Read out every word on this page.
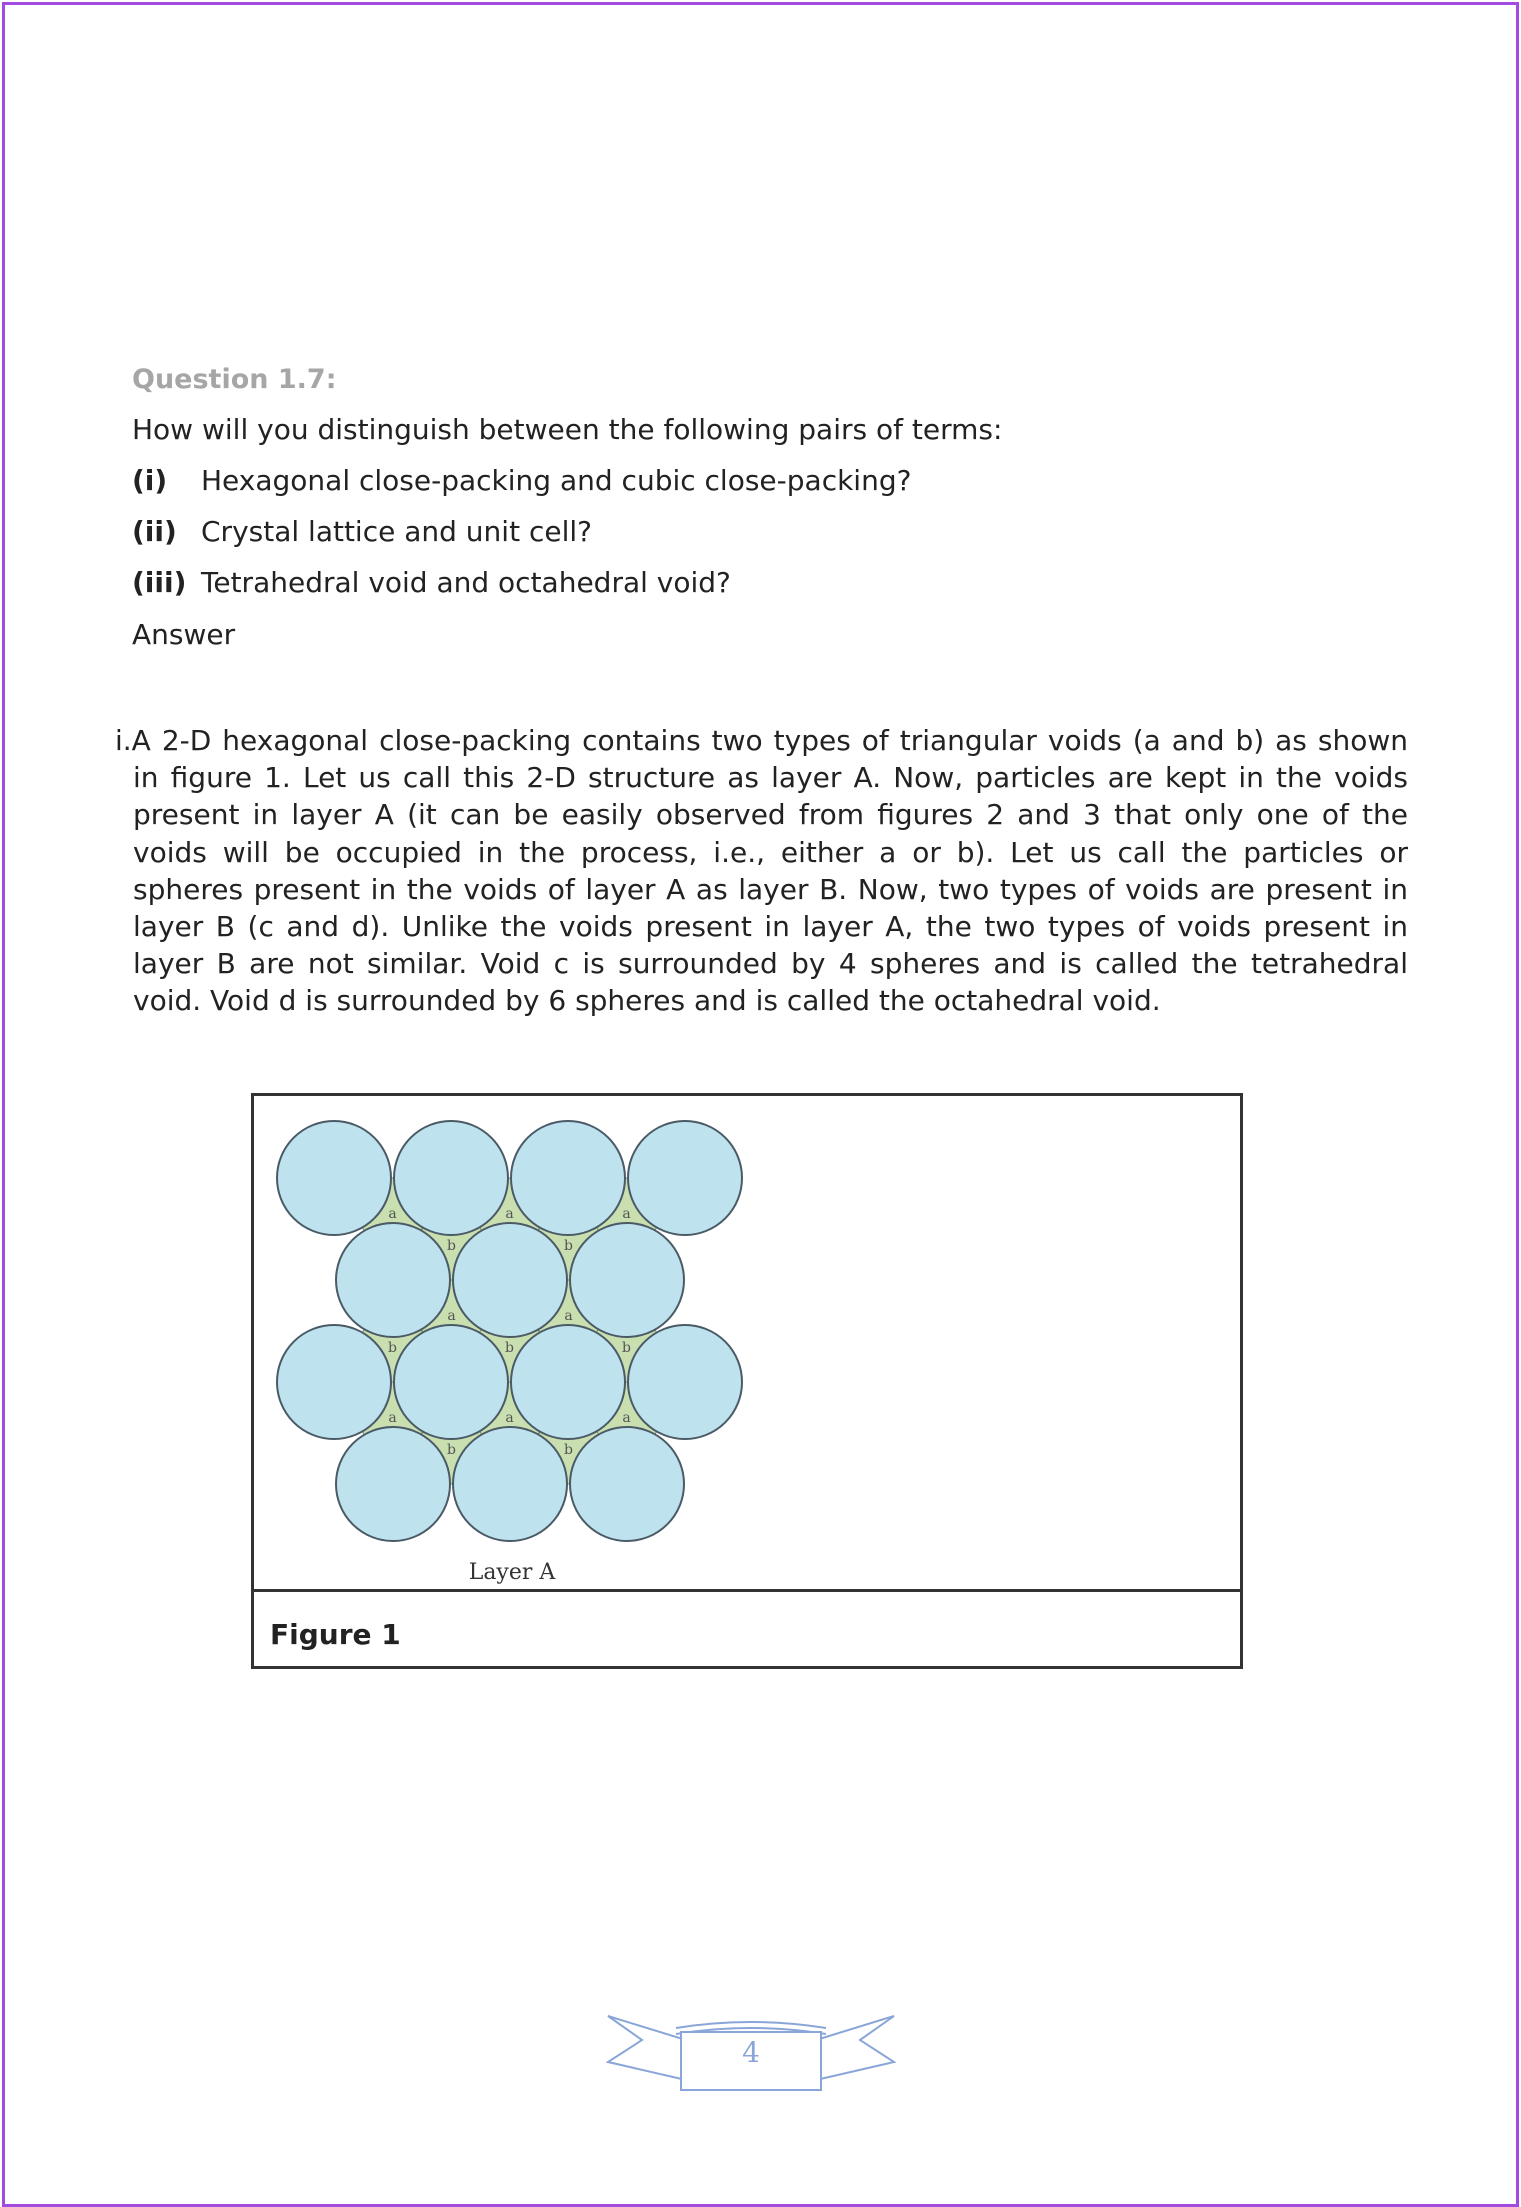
Question 1.7:
How will you distinguish between the following pairs of terms:
(i) Hexagonal close-packing and cubic close-packing?
(ii) Crystal lattice and unit cell?
(iii) Tetrahedral void and octahedral void?
Answer
i.A 2-D hexagonal close-packing contains two types of triangular voids (a and b) as shown in figure 1. Let us call this 2-D structure as layer A. Now, particles are kept in the voids present in layer A (it can be easily observed from figures 2 and 3 that only one of the voids will be occupied in the process, i.e., either a or b). Let us call the particles or spheres present in the voids of layer A as layer B. Now, two types of voids are present in layer B (c and d). Unlike the voids present in layer A, the two types of voids present in layer B are not similar. Void c is surrounded by 4 spheres and is called the tetrahedral void. Void d is surrounded by 6 spheres and is called the octahedral void.
a	a	a
b	b
a	a
b	b	b
a	a	a
b	b
Layer A
Figure 1
4
